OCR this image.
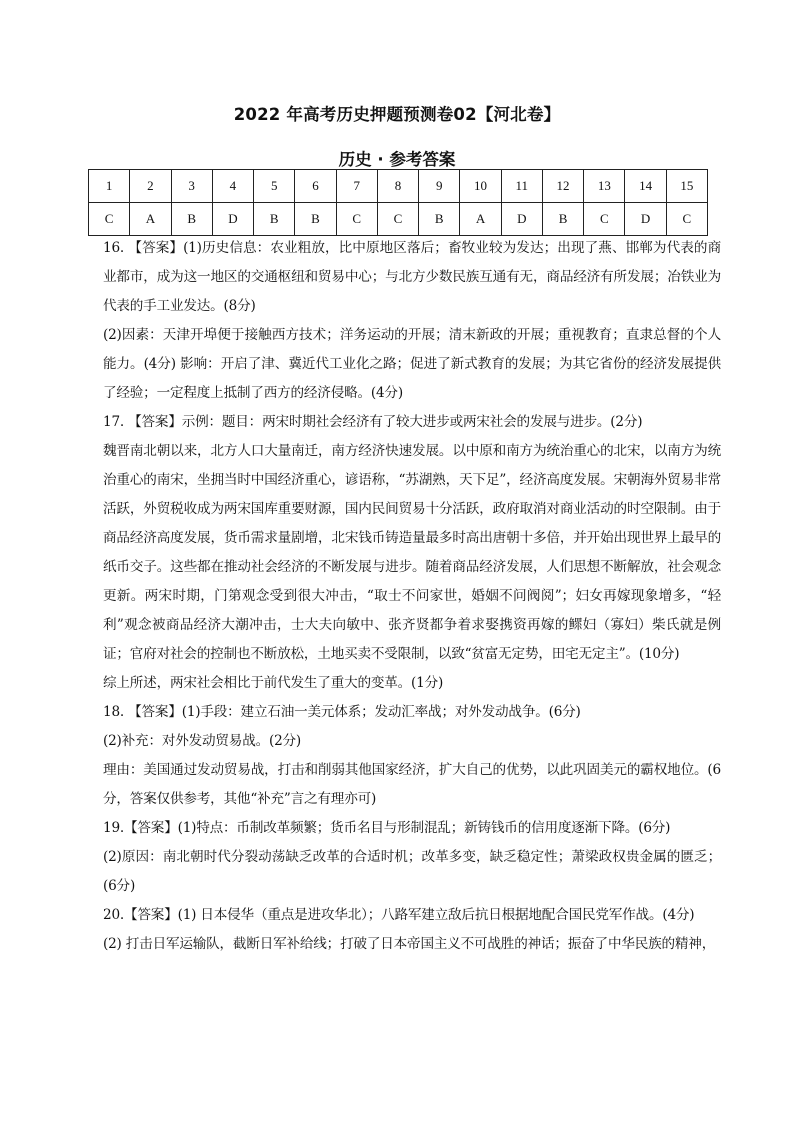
2022 年高考历史押题预测卷02【河北卷】
历史 · 参考答案
1	2	3	4	5	6	7	8	9	10	11	12	13	14	15
C	A	B	D	B	B	C	C	B	A	D	B	C	D	C

16. 【答案】(1)历史信息：农业粗放，比中原地区落后；畜牧业较为发达；出现了燕、邯郸为代表的商业都市，成为这一地区的交通枢纽和贸易中心；与北方少数民族互通有无，商品经济有所发展；冶铁业为代表的手工业发达。(8分)

(2)因素：天津开埠便于接触西方技术；洋务运动的开展；清末新政的开展；重视教育；直隶总督的个人能力。(4分) 影响：开启了津、冀近代工业化之路；促进了新式教育的发展；为其它省份的经济发展提供了经验；一定程度上抵制了西方的经济侵略。(4分)

17. 【答案】示例：题目：两宋时期社会经济有了较大进步或两宋社会的发展与进步。(2分)

魏晋南北朝以来，北方人口大量南迁，南方经济快速发展。以中原和南方为统治重心的北宋，以南方为统治重心的南宋，坐拥当时中国经济重心，谚语称，“苏湖熟，天下足”，经济高度发展。宋朝海外贸易非常活跃，外贸税收成为两宋国库重要财源，国内民间贸易十分活跃，政府取消对商业活动的时空限制。由于商品经济高度发展，货币需求量剧增，北宋钱币铸造量最多时高出唐朝十多倍，并开始出现世界上最早的纸币交子。这些都在推动社会经济的不断发展与进步。随着商品经济发展，人们思想不断解放，社会观念更新。两宋时期，门第观念受到很大冲击，“取士不问家世，婚姻不问阀阅”；妇女再嫁现象增多，“轻利”观念被商品经济大潮冲击，士大夫向敏中、张齐贤都争着求娶携资再嫁的鳏妇（寡妇）柴氏就是例证；官府对社会的控制也不断放松，土地买卖不受限制，以致“贫富无定势，田宅无定主”。(10分)

综上所述，两宋社会相比于前代发生了重大的变革。(1分)

18. 【答案】(1)手段：建立石油一美元体系；发动汇率战；对外发动战争。(6分)

(2)补充：对外发动贸易战。(2分)

理由：美国通过发动贸易战，打击和削弱其他国家经济，扩大自己的优势，以此巩固美元的霸权地位。(6分，答案仅供参考，其他“补充”言之有理亦可)

19.【答案】(1)特点：币制改革频繁；货币名目与形制混乱；新铸钱币的信用度逐渐下降。(6分)

(2)原因：南北朝时代分裂动荡缺乏改革的合适时机；改革多变，缺乏稳定性；萧梁政权贵金属的匮乏；(6分)

20.【答案】(1) 日本侵华（重点是进攻华北）；八路军建立敌后抗日根据地配合国民党军作战。(4分)

(2) 打击日军运输队，截断日军补给线；打破了日本帝国主义不可战胜的神话；振奋了中华民族的精神，
